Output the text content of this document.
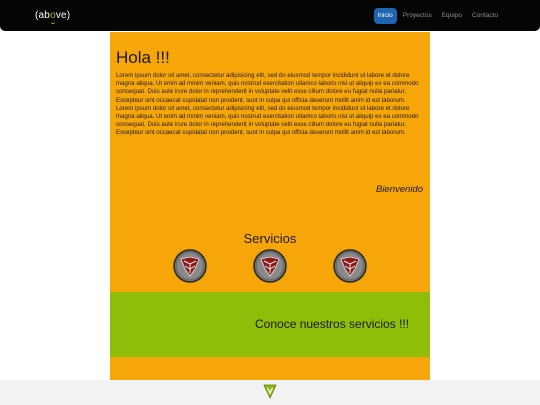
(ab o ve)	Inicio	Proyectos	Equipo	Contacto
Hola !!!

Lorem ipsum dolor sit amet, consectetur adipisicing elit, sed do eiusmod tempor incididunt ut labore et dolore magna aliqua. Ut enim ad minim veniam, quis nostrud exercitation ullamco laboris nisi ut aliquip ex ea commodo consequat. Duis aute irure dolor in reprehenderit in voluptate velit esse cillum dolore eu fugiat nulla pariatur. Excepteur sint occaecat cupidatat non proident, sunt in culpa qui officia deserunt mollit anim id est laborum. Lorem ipsum dolor sit amet, consectetur adipisicing elit, sed do eiusmod tempor incididunt ut labore et dolore magna aliqua. Ut enim ad minim veniam, quis nostrud exercitation ullamco laboris nisi ut aliquip ex ea commodo consequat. Duis aute irure dolor in reprehenderit in voluptate velit esse cillum dolore eu fugiat nulla pariatur. Excepteur sint occaecat cupidatat non proident, sunt in culpa qui officia deserunt mollit anim id est laborum.

Bienvenido
Servicios
Conoce nuestros servicios !!!
